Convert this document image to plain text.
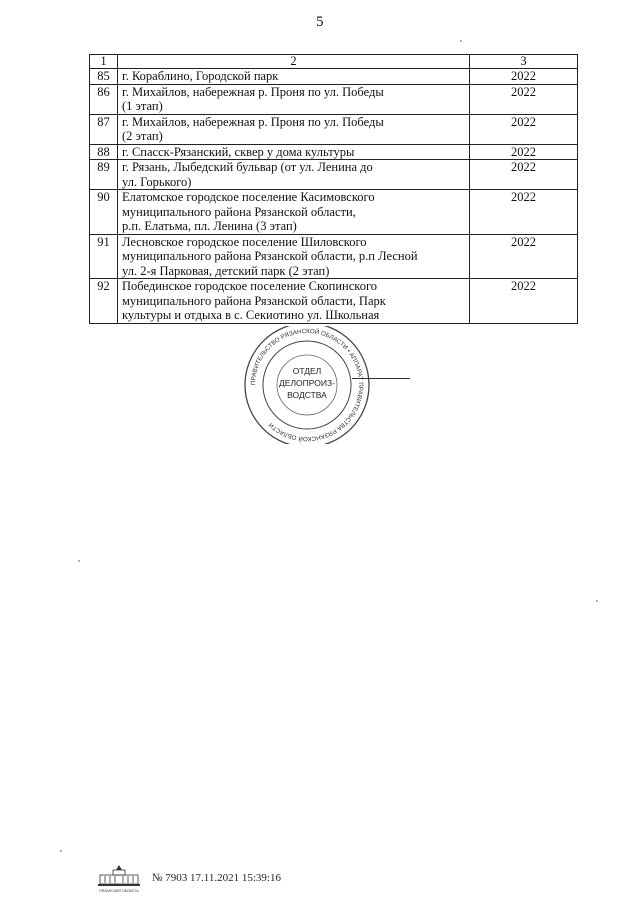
5
1	2	3
85	г. Кораблино, Городской парк	2022
86	г. Михайлов, набережная р. Проня по ул. Победы
(1 этап)	2022
87	г. Михайлов, набережная р. Проня по ул. Победы
(2 этап)	2022
88	г. Спасск-Рязанский, сквер у дома культуры	2022
89	г. Рязань, Лыбедский бульвар (от ул. Ленина до
ул. Горького)	2022
90	Елатомское городское поселение Касимовского
муниципального района Рязанской области,
р.п. Елатьма, пл. Ленина (3 этап)	2022
91	Лесновское городское поселение Шиловского
муниципального района Рязанской области, р.п Лесной
ул. 2-я Парковая, детский парк (2 этап)	2022
92	Побединское городское поселение Скопинского
муниципального района Рязанской области, Парк
культуры и отдыха в с. Секиотино ул. Школьная	2022
ПРАВИТЕЛЬСТВО РЯЗАНСКОЙ ОБЛАСТИ • АППАРАТ ПРАВИТЕЛЬСТВА РЯЗАНСКОЙ ОБЛАСТИ
ОТДЕЛ
ДЕЛОПРОИЗ-
ВОДСТВА
РЯЗАНСКАЯ ОБЛАСТЬ
№ 7903 17.11.2021 15:39:16
